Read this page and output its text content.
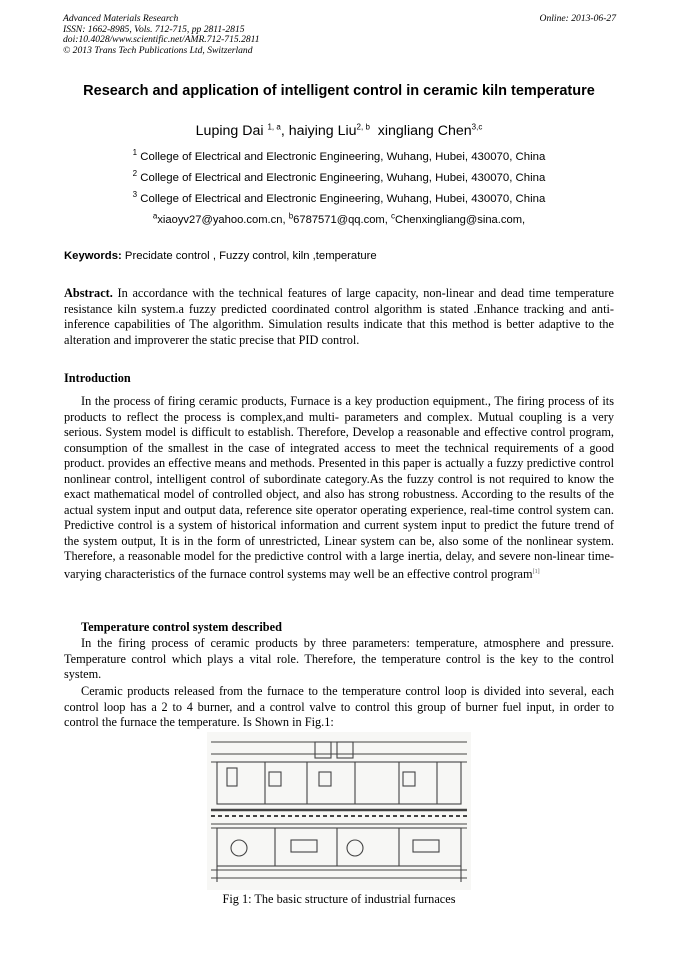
Advanced Materials Research
ISSN: 1662-8985, Vols. 712-715, pp 2811-2815
doi:10.4028/www.scientific.net/AMR.712-715.2811
© 2013 Trans Tech Publications Ltd, Switzerland
Online: 2013-06-27
Research and application of intelligent control in ceramic kiln temperature
Luping Dai $^{1, a}$, haiying Liu$^{2, b}$ xingliang Chen$^{3,c}$
$^1$ College of Electrical and Electronic Engineering, Wuhang, Hubei, 430070, China
$^2$ College of Electrical and Electronic Engineering, Wuhang, Hubei, 430070, China
$^3$ College of Electrical and Electronic Engineering, Wuhang, Hubei, 430070, China
$^a$xiaoyv27@yahoo.com.cn, $^b$6787571@qq.com, $^c$Chenxingliang@sina.com,
Keywords: Precidate control , Fuzzy control, kiln ,temperature
Abstract. In accordance with the technical features of large capacity, non-linear and dead time temperature resistance kiln system.a fuzzy predicted coordinated control algorithm is stated .Enhance tracking and anti-inference capabilities of The algorithm. Simulation results indicate that this method is better adaptive to the alteration and improverer the static precise that PID control.
Introduction
In the process of firing ceramic products, Furnace is a key production equipment., The firing process of its products to reflect the process is complex,and multi- parameters and complex. Mutual coupling is a very serious. System model is difficult to establish. Therefore, Develop a reasonable and effective control program, consumption of the smallest in the case of integrated access to meet the technical requirements of a good product. provides an effective means and methods. Presented in this paper is actually a fuzzy predictive control nonlinear control, intelligent control of subordinate category.As the fuzzy control is not required to know the exact mathematical model of controlled object, and also has strong robustness. According to the results of the actual system input and output data, reference site operator operating experience, real-time control system can. Predictive control is a system of historical information and current system input to predict the future trend of the system output, It is in the form of unrestricted, Linear system can be, also some of the nonlinear system. Therefore, a reasonable model for the predictive control with a large inertia, delay, and severe non-linear time-varying characteristics of the furnace control systems may well be an effective control program[1]
Temperature control system described
In the firing process of ceramic products by three parameters: temperature, atmosphere and pressure. Temperature control which plays a vital role. Therefore, the temperature control is the key to the control system.
Ceramic products released from the furnace to the temperature control loop is divided into several, each control loop has a 2 to 4 burner, and a control valve to control this group of burner fuel input, in order to control the furnace the temperature. Is Shown in Fig.1:
Fig 1: The basic structure of industrial furnaces
